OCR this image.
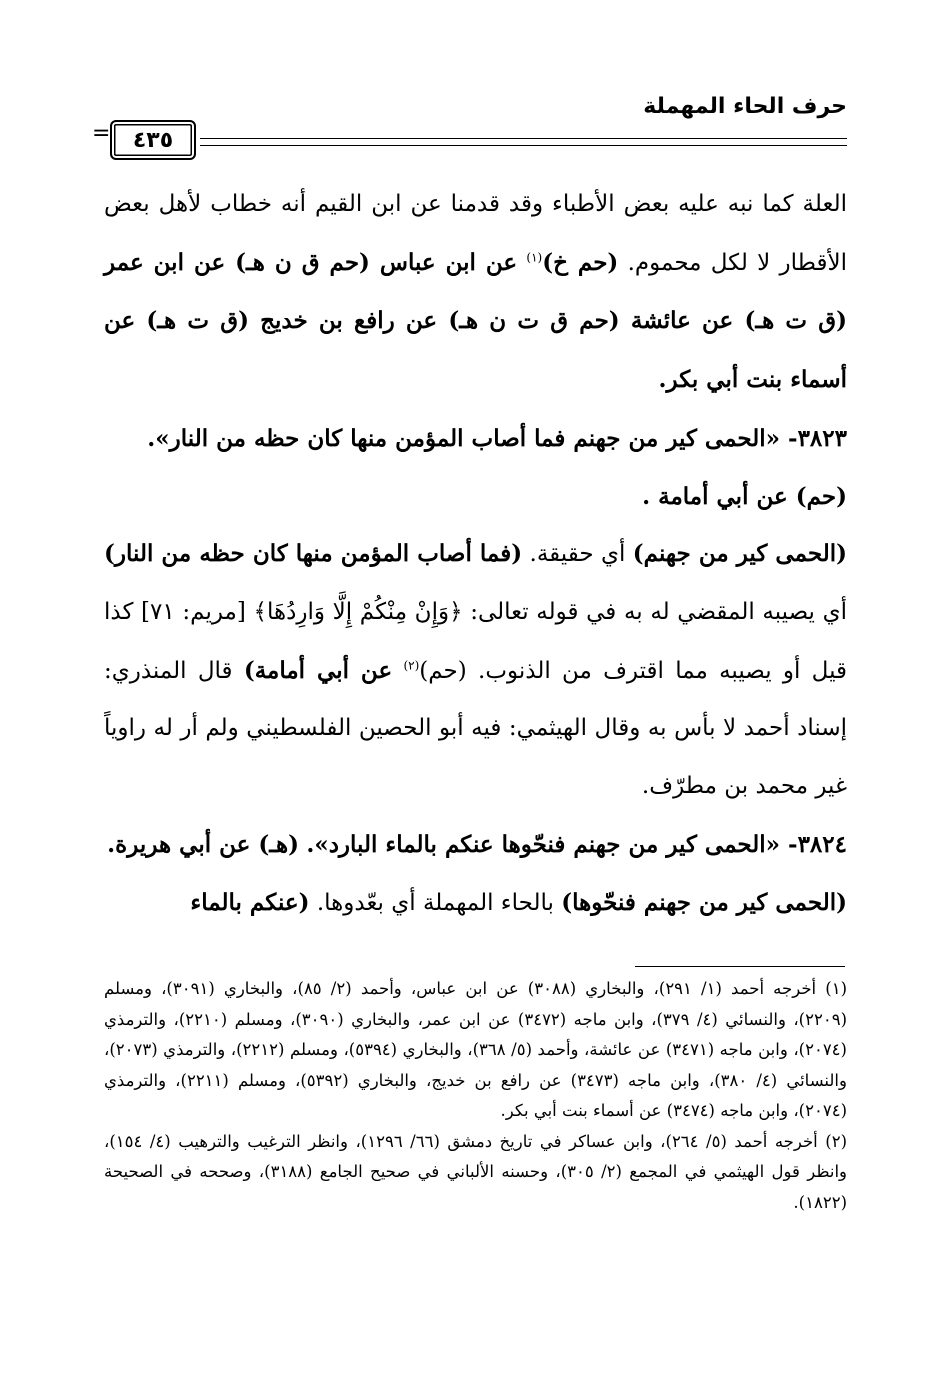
حرف الحاء المهملة
٤٣٥
=

العلة كما نبه عليه بعض الأطباء وقد قدمنا عن ابن القيم أنه خطاب لأهل بعض الأقطار لا لكل محموم. (حم خ)$^{(١)}$ عن ابن عباس (حم ق ن هـ) عن ابن عمر (ق ت هـ) عن عائشة (حم ق ت ن هـ) عن رافع بن خديج (ق ت هـ) عن أسماء بنت أبي بكر.

٣٨٢٣- «الحمى كير من جهنم فما أصاب المؤمن منها كان حظه من النار».

(حم) عن أبي أمامة .

(الحمى كير من جهنم) أي حقيقة. (فما أصاب المؤمن منها كان حظه من النار) أي يصيبه المقضي له به في قوله تعالى: ﴿وَإِنْ مِنْكُمْ إِلَّا وَارِدُهَا﴾ [مريم: ٧١] كذا قيل أو يصيبه مما اقترف من الذنوب. (حم)$^{(٢)}$ عن أبي أمامة) قال المنذري: إسناد أحمد لا بأس به وقال الهيثمي: فيه أبو الحصين الفلسطيني ولم أر له راوياً غير محمد بن مطرّف.

٣٨٢٤- «الحمى كير من جهنم فنحّوها عنكم بالماء البارد». (هـ) عن أبي هريرة.

(الحمى كير من جهنم فنحّوها) بالحاء المهملة أي بعّدوها. (عنكم بالماء

(١) أخرجه أحمد (١/ ٢٩١)، والبخاري (٣٠٨٨) عن ابن عباس، وأحمد (٢/ ٨٥)، والبخاري (٣٠٩١)، ومسلم (٢٢٠٩)، والنسائي (٤/ ٣٧٩)، وابن ماجه (٣٤٧٢) عن ابن عمر، والبخاري (٣٠٩٠)، ومسلم (٢٢١٠)، والترمذي (٢٠٧٤)، وابن ماجه (٣٤٧١) عن عائشة، وأحمد (٥/ ٣٦٨)، والبخاري (٥٣٩٤)، ومسلم (٢٢١٢)، والترمذي (٢٠٧٣)، والنسائي (٤/ ٣٨٠)، وابن ماجه (٣٤٧٣) عن رافع بن خديج، والبخاري (٥٣٩٢)، ومسلم (٢٢١١)، والترمذي (٢٠٧٤)، وابن ماجه (٣٤٧٤) عن أسماء بنت أبي بكر.

(٢) أخرجه أحمد (٥/ ٢٦٤)، وابن عساكر في تاريخ دمشق (٦٦/ ١٢٩٦)، وانظر الترغيب والترهيب (٤/ ١٥٤)، وانظر قول الهيثمي في المجمع (٢/ ٣٠٥)، وحسنه الألباني في صحيح الجامع (٣١٨٨)، وصححه في الصحيحة (١٨٢٢).
